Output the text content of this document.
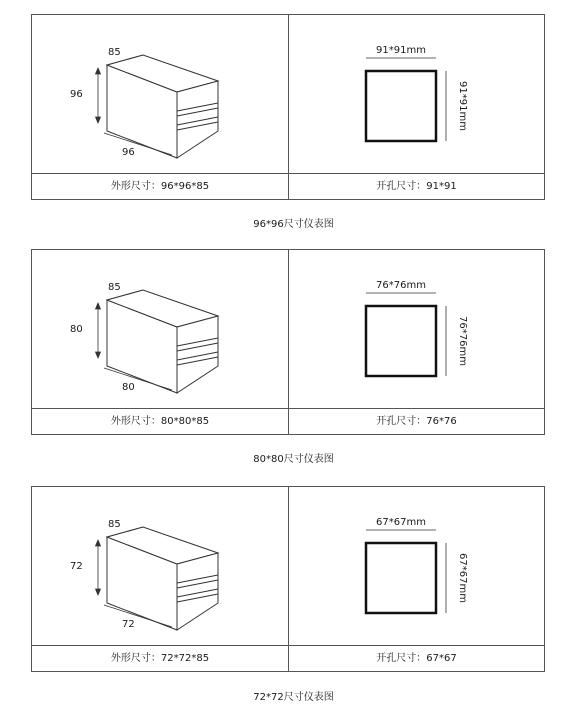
96
85
96
91*91mm
91*91mm
外形尺寸：96*96*85	开孔尺寸：91*91
96*96尺寸仪表图
80
85
80
76*76mm
76*76mm
外形尺寸：80*80*85	开孔尺寸：76*76
80*80尺寸仪表图
72
85
72
67*67mm
67*67mm
外形尺寸：72*72*85	开孔尺寸：67*67
72*72尺寸仪表图
